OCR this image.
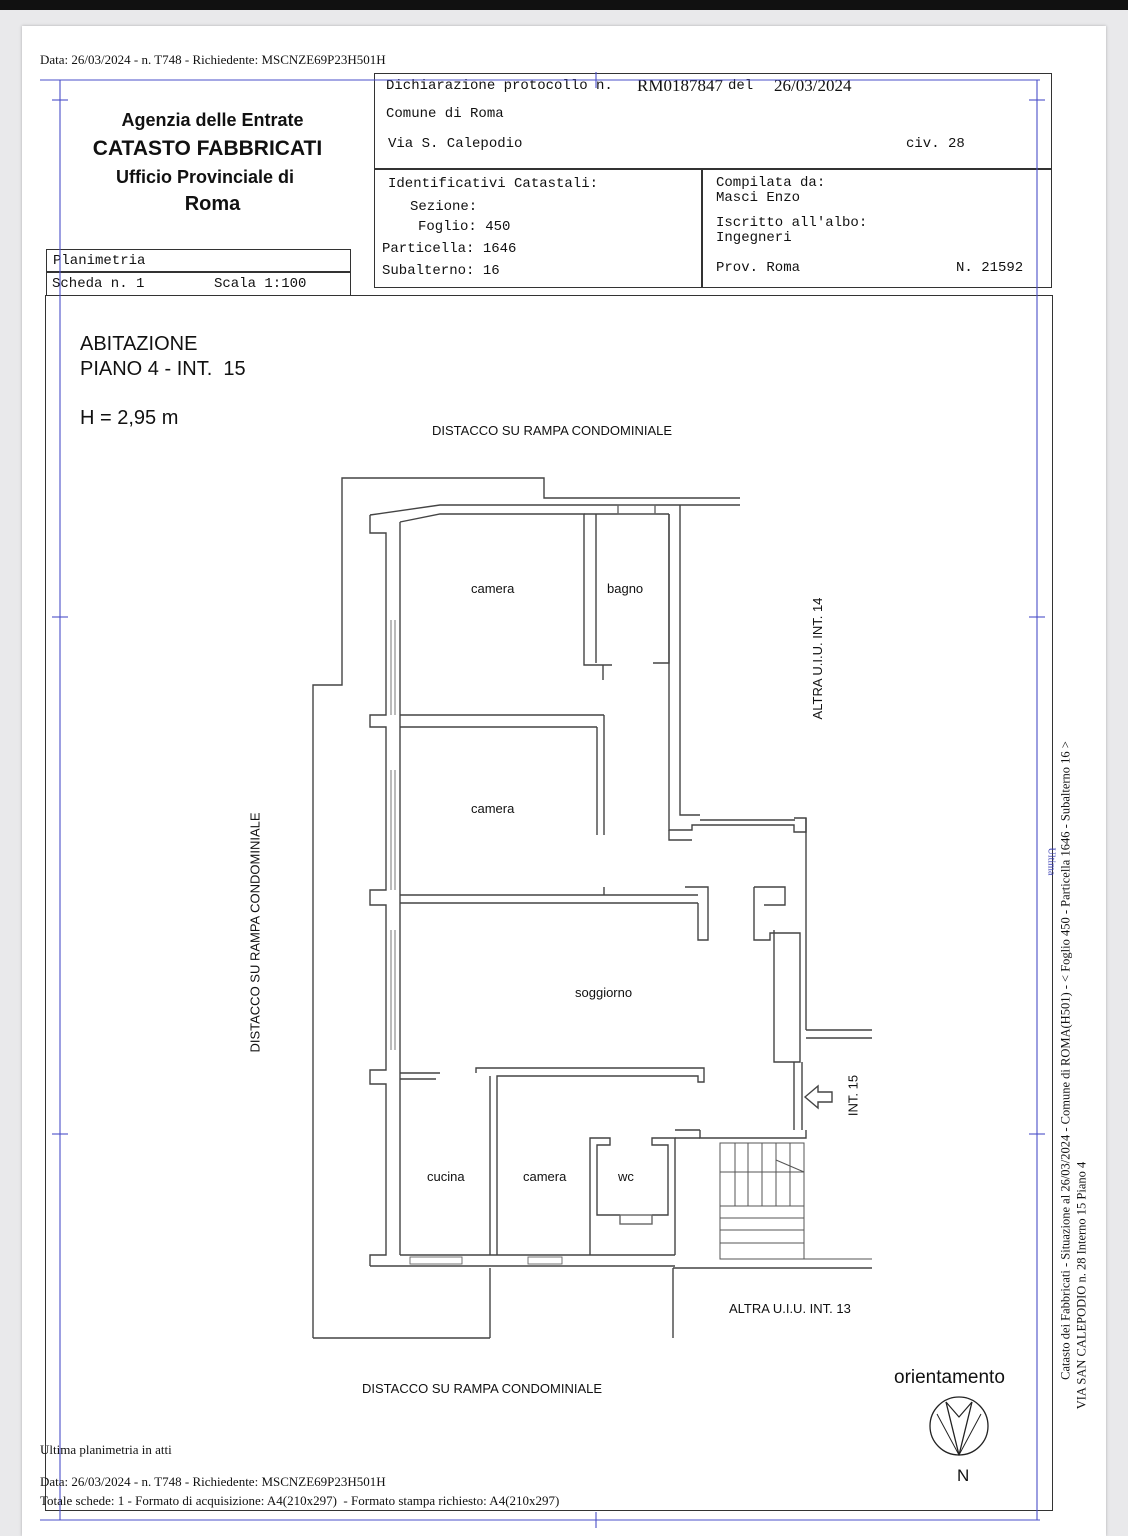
Data: 26/03/2024 - n. T748 - Richiedente: MSCNZE69P23H501H
Agenzia delle Entrate
CATASTO FABBRICATI
Ufficio Provinciale di
Roma
Dichiarazione protocollo n. RM0187847 del 26/03/2024
Comune di Roma
Via S. Calepodio	civ. 28
Identificativi Catastali:
Sezione:
Foglio: 450
Particella: 1646
Subalterno: 16
Compilata da:
Masci Enzo
Iscritto all'albo:
Ingegneri
Prov. Roma	N. 21592
Planimetria
Scheda n. 1	Scala 1:100
ABITAZIONE
PIANO 4 - INT.  15
H = 2,95 m
DISTACCO SU RAMPA CONDOMINIALE
DISTACCO SU RAMPA CONDOMINIALE
DISTACCO SU RAMPA CONDOMINIALE
ALTRA U.I.U. INT. 14
ALTRA U.I.U. INT. 13
INT. 15
camera	bagno
camera
soggiorno
cucina	camera	wc
orientamento
N
Catasto dei Fabbricati - Situazione al 26/03/2024 - Comune di ROMA(H501) - < Foglio 450 - Particella 1646 - Subalterno 16 > VIA SAN CALEPODIO n. 28 Interno 15 Piano 4
Ultima
Ultima planimetria in atti
Data: 26/03/2024 - n. T748 - Richiedente: MSCNZE69P23H501H
Totale schede: 1 - Formato di acquisizione: A4(210x297)  - Formato stampa richiesto: A4(210x297)
